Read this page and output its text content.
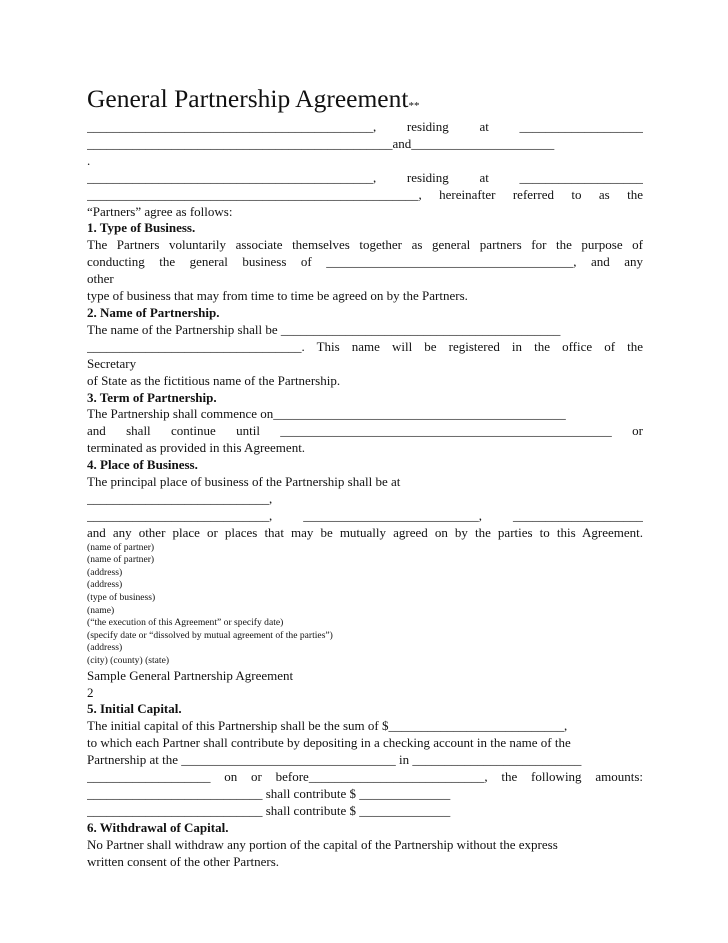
General Partnership Agreement**
____________________________________________, residing at ___________________
_______________________________________________and______________________
.
____________________________________________, residing at ___________________
___________________________________________________, hereinafter referred to as the
“Partners” agree as follows:
1. Type of Business.
The Partners voluntarily associate themselves together as general partners for the purpose of
conducting the general business of ______________________________________, and any
other
type of business that may from time to time be agreed on by the Partners.
2. Name of Partnership.
The name of the Partnership shall be ___________________________________________
_________________________________. This name will be registered in the office of the
Secretary
of State as the fictitious name of the Partnership.
3. Term of Partnership.
The Partnership shall commence on_____________________________________________
and shall continue until ___________________________________________________ or
terminated as provided in this Agreement.
4. Place of Business.
The principal place of business of the Partnership shall be at
____________________________,
____________________________, ___________________________, ____________________
and any other place or places that may be mutually agreed on by the parties to this Agreement.
(name of partner)
(name of partner)
(address)
(address)
(type of business)
(name)
(“the execution of this Agreement” or specify date)
(specify date or “dissolved by mutual agreement of the parties”)
(address)
(city) (county) (state)
Sample General Partnership Agreement
2
5. Initial Capital.
The initial capital of this Partnership shall be the sum of $___________________________,
to which each Partner shall contribute by depositing in a checking account in the name of the
Partnership at the _________________________________ in __________________________
___________________ on or before___________________________, the following amounts:
___________________________ shall contribute $ ______________
___________________________ shall contribute $ ______________
6. Withdrawal of Capital.
No Partner shall withdraw any portion of the capital of the Partnership without the express
written consent of the other Partners.
